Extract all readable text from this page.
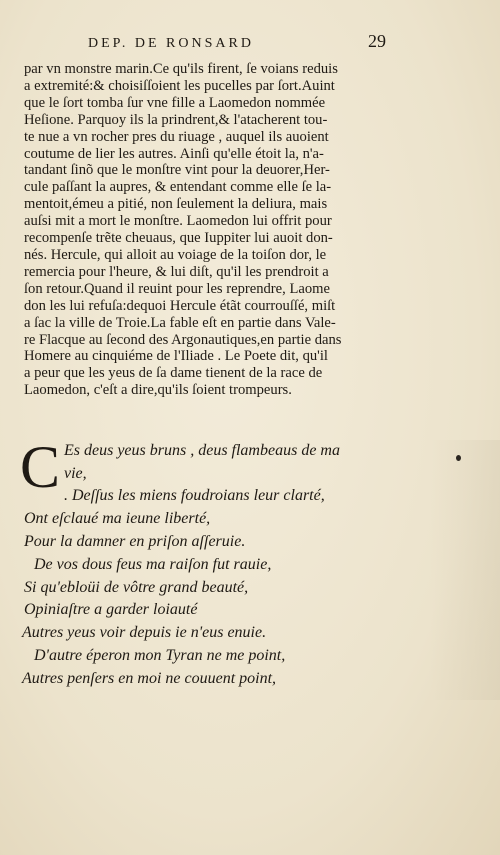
DEP. DE RONSARD	29
par vn monstre marin.Ce qu'ils firent, ſe voians reduis
a extremité:& choisiſſoient les pucelles par ſort.Auint
que le ſort tomba ſur vne fille a Laomedon nommée
Heſione. Parquoy ils la prindrent,& l'atacherent tou-
te nue a vn rocher pres du riuage , auquel ils auoient
coutume de lier les autres. Ainſi qu'elle étoit la, n'a-
tandant ſinõ que le monſtre vint pour la deuorer,Her-
cule paſſant la aupres, & entendant comme elle ſe la-
mentoit,émeu a pitié, non ſeulement la deliura, mais
auſsi mit a mort le monſtre. Laomedon lui offrit pour
recompenſe trẽte cheuaus, que Iuppiter lui auoit don-
nés. Hercule, qui alloit au voiage de la toiſon dor, le
remercia pour l'heure, & lui diſt, qu'il les prendroit a
ſon retour.Quand il reuint pour les reprendre, Laome
don les lui refuſa:dequoi Hercule étãt courrouſſé, miſt
a ſac la ville de Troie.La fable eſt en partie dans Vale-
re Flacque au ſecond des Argonautiques,en partie dans
Homere au cinquiéme de l'Iliade . Le Poete dit, qu'il
a peur que les yeus de ſa dame tienent de la race de
Laomedon, c'eſt a dire,qu'ils ſoient trompeurs.
C Es deus yeus bruns , deus flambeaus de ma
vie,
. Deſſus les miens foudroians leur clarté,
Ont eſclaué ma ieune liberté,
Pour la damner en priſon aſſeruie.
De vos dous feus ma raiſon fut rauie,
Si qu'ebloüi de vôtre grand beauté,
Opiniaſtre a garder loiauté
Autres yeus voir depuis ie n'eus enuie.
D'autre éperon mon Tyran ne me point,
Autres penſers en moi ne couuent point,
